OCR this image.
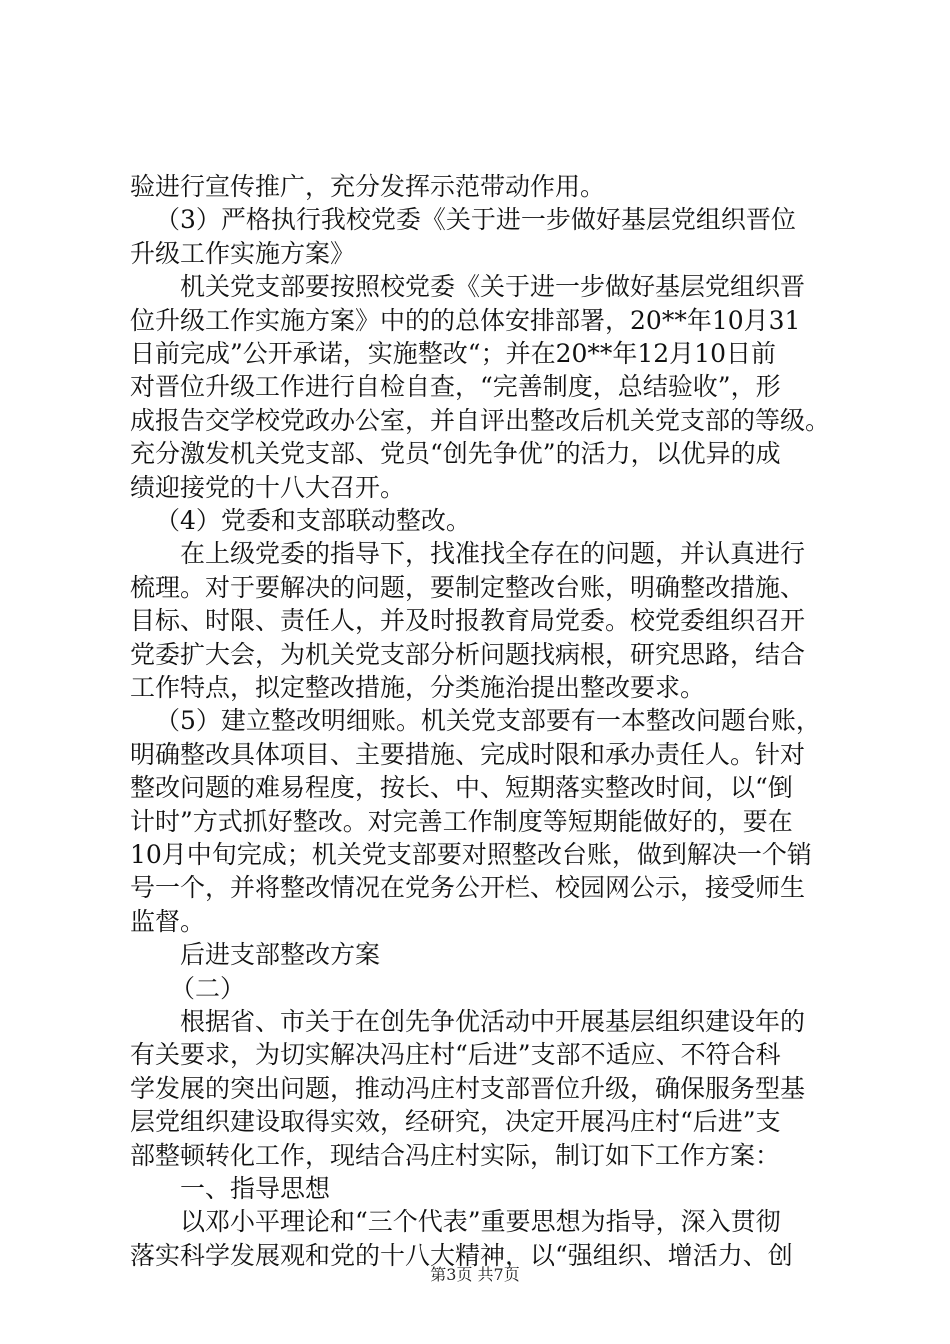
验进行宣传推广，充分发挥示范带动作用。
（3）严格执行我校党委《关于进一步做好基层党组织晋位
升级工作实施方案》
机关党支部要按照校党委《关于进一步做好基层党组织晋
位升级工作实施方案》中的的总体安排部署，20**年10月31
日前完成”公开承诺，实施整改“；并在20**年12月10日前
对晋位升级工作进行自检自查，“完善制度，总结验收”，形
成报告交学校党政办公室，并自评出整改后机关党支部的等级。
充分激发机关党支部、党员“创先争优”的活力，以优异的成
绩迎接党的十八大召开。
（4）党委和支部联动整改。
在上级党委的指导下，找准找全存在的问题，并认真进行
梳理。对于要解决的问题，要制定整改台账，明确整改措施、
目标、时限、责任人，并及时报教育局党委。校党委组织召开
党委扩大会，为机关党支部分析问题找病根，研究思路，结合
工作特点，拟定整改措施，分类施治提出整改要求。
（5）建立整改明细账。机关党支部要有一本整改问题台账，
明确整改具体项目、主要措施、完成时限和承办责任人。针对
整改问题的难易程度，按长、中、短期落实整改时间，以“倒
计时”方式抓好整改。对完善工作制度等短期能做好的，要在
10月中旬完成；机关党支部要对照整改台账，做到解决一个销
号一个，并将整改情况在党务公开栏、校园网公示，接受师生
监督。
后进支部整改方案
（二）
根据省、市关于在创先争优活动中开展基层组织建设年的
有关要求，为切实解决冯庄村“后进”支部不适应、不符合科
学发展的突出问题，推动冯庄村支部晋位升级，确保服务型基
层党组织建设取得实效，经研究，决定开展冯庄村“后进”支
部整顿转化工作，现结合冯庄村实际，制订如下工作方案：
一、指导思想
以邓小平理论和“三个代表”重要思想为指导，深入贯彻
落实科学发展观和党的十八大精神，以“强组织、增活力、创
第3页 共7页
